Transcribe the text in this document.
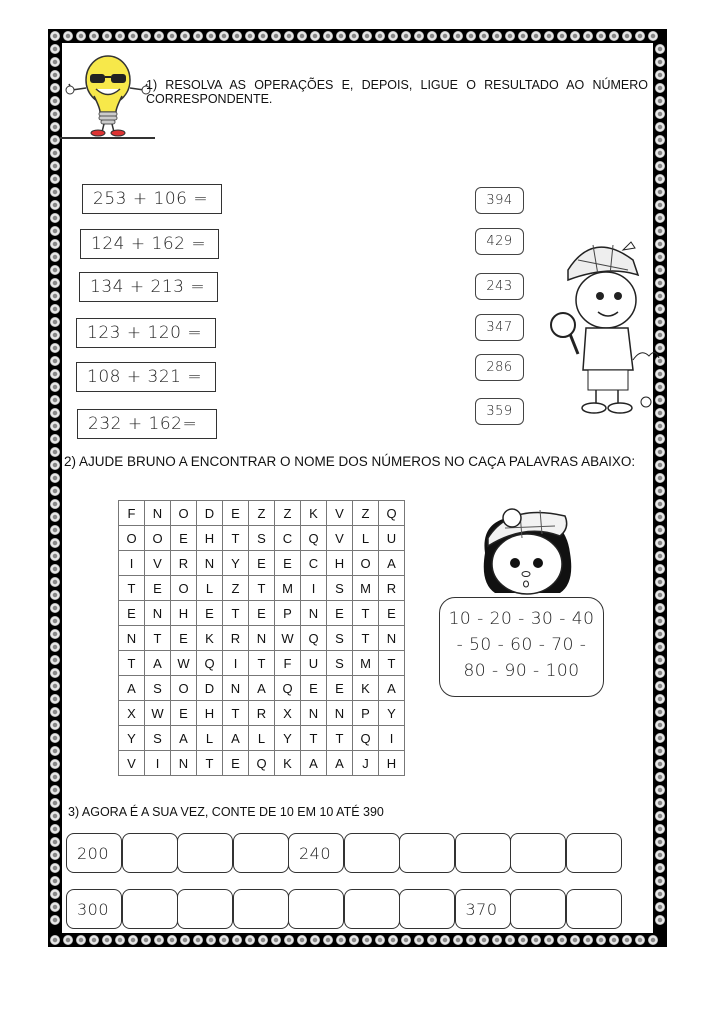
1) RESOLVA AS OPERAÇÕES E, DEPOIS, LIGUE O RESULTADO AO NÚMERO CORRESPONDENTE.
253 + 106 =
124 + 162 =
134 + 213 =
123 + 120 =
108 + 321 =
232 + 162=
394
429
243
347
286
359
2) AJUDE BRUNO A ENCONTRAR O NOME DOS NÚMEROS NO CAÇA PALAVRAS ABAIXO:
F	N	O	D	E	Z	Z	K	V	Z	Q
O	O	E	H	T	S	C	Q	V	L	U
I	V	R	N	Y	E	E	C	H	O	A
T	E	O	L	Z	T	M	I	S	M	R
E	N	H	E	T	E	P	N	E	T	E
N	T	E	K	R	N	W	Q	S	T	N
T	A	W	Q	I	T	F	U	S	M	T
A	S	O	D	N	A	Q	E	E	K	A
X	W	E	H	T	R	X	N	N	P	Y
Y	S	A	L	A	L	Y	T	T	Q	I
V	I	N	T	E	Q	K	A	A	J	H
10 - 20 - 30 - 40
- 50 - 60 - 70 -
80 - 90 - 100
3) AGORA É A SUA VEZ, CONTE DE 10 EM 10 ATÉ 390
200	240
300	370
